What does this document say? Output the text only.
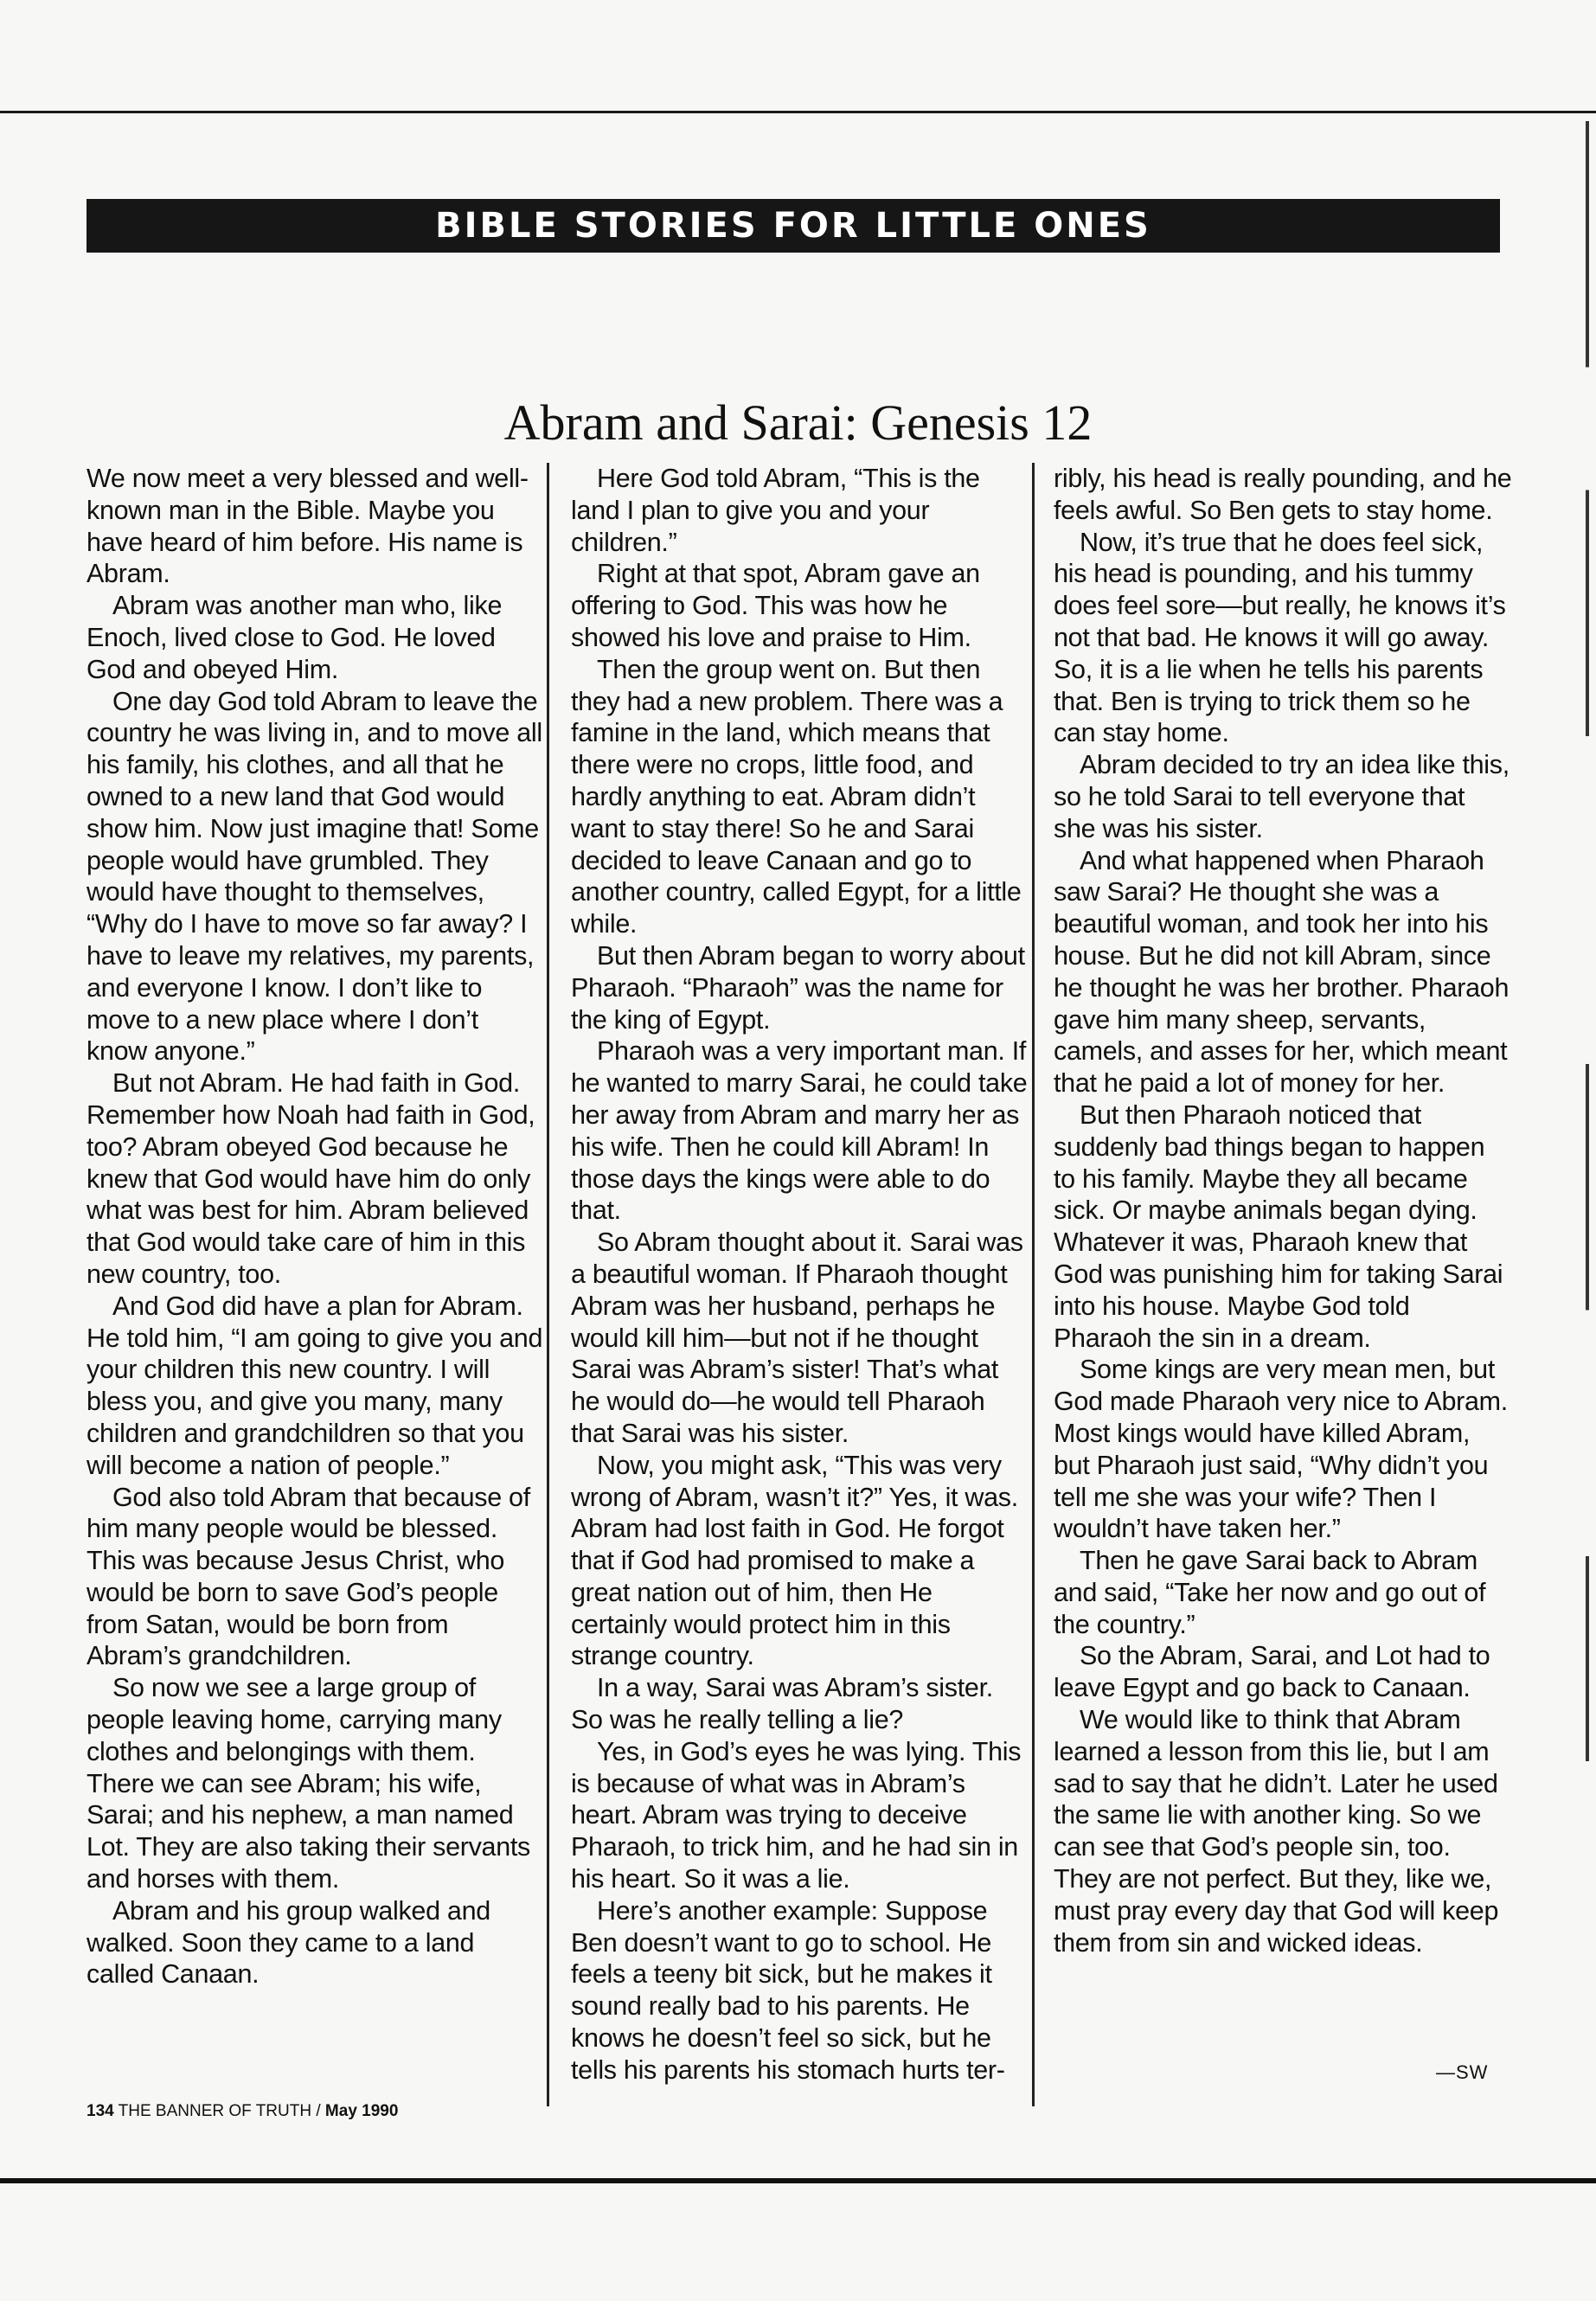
BIBLE STORIES FOR LITTLE ONES
Abram and Sarai: Genesis 12

We now meet a very blessed and well-known man in the Bible. Maybe you have heard of him before. His name is Abram.

Abram was another man who, like Enoch, lived close to God. He loved God and obeyed Him.

One day God told Abram to leave the country he was living in, and to move all his family, his clothes, and all that he owned to a new land that God would show him. Now just imagine that! Some people would have grumbled. They would have thought to themselves, “Why do I have to move so far away? I have to leave my relatives, my parents, and everyone I know. I don’t like to move to a new place where I don’t know anyone.”

But not Abram. He had faith in God. Remember how Noah had faith in God, too? Abram obeyed God because he knew that God would have him do only what was best for him. Abram believed that God would take care of him in this new country, too.

And God did have a plan for Abram. He told him, “I am going to give you and your children this new country. I will bless you, and give you many, many children and grandchildren so that you will become a nation of people.”

God also told Abram that because of him many people would be blessed. This was because Jesus Christ, who would be born to save God’s people from Satan, would be born from Abram’s grandchildren.

So now we see a large group of people leaving home, carrying many clothes and belongings with them. There we can see Abram; his wife, Sarai; and his nephew, a man named Lot. They are also taking their servants and horses with them.

Abram and his group walked and walked. Soon they came to a land called Canaan.

Here God told Abram, “This is the land I plan to give you and your children.”

Right at that spot, Abram gave an offering to God. This was how he showed his love and praise to Him.

Then the group went on. But then they had a new problem. There was a famine in the land, which means that there were no crops, little food, and hardly anything to eat. Abram didn’t want to stay there! So he and Sarai decided to leave Canaan and go to another country, called Egypt, for a little while.

But then Abram began to worry about Pharaoh. “Pharaoh” was the name for the king of Egypt.

Pharaoh was a very important man. If he wanted to marry Sarai, he could take her away from Abram and marry her as his wife. Then he could kill Abram! In those days the kings were able to do that.

So Abram thought about it. Sarai was a beautiful woman. If Pharaoh thought Abram was her husband, perhaps he would kill him—but not if he thought Sarai was Abram’s sister! That’s what he would do—he would tell Pharaoh that Sarai was his sister.

Now, you might ask, “This was very wrong of Abram, wasn’t it?” Yes, it was. Abram had lost faith in God. He forgot that if God had promised to make a great nation out of him, then He certainly would protect him in this strange country.

In a way, Sarai was Abram’s sister. So was he really telling a lie?

Yes, in God’s eyes he was lying. This is because of what was in Abram’s heart. Abram was trying to deceive Pharaoh, to trick him, and he had sin in his heart. So it was a lie.

Here’s another example: Suppose Ben doesn’t want to go to school. He feels a teeny bit sick, but he makes it sound really bad to his parents. He knows he doesn’t feel so sick, but he tells his parents his stomach hurts ter-

ribly, his head is really pounding, and he feels awful. So Ben gets to stay home.

Now, it’s true that he does feel sick, his head is pounding, and his tummy does feel sore—but really, he knows it’s not that bad. He knows it will go away. So, it is a lie when he tells his parents that. Ben is trying to trick them so he can stay home.

Abram decided to try an idea like this, so he told Sarai to tell everyone that she was his sister.

And what happened when Pharaoh saw Sarai? He thought she was a beautiful woman, and took her into his house. But he did not kill Abram, since he thought he was her brother. Pharaoh gave him many sheep, servants, camels, and asses for her, which meant that he paid a lot of money for her.

But then Pharaoh noticed that suddenly bad things began to happen to his family. Maybe they all became sick. Or maybe animals began dying. Whatever it was, Pharaoh knew that God was punishing him for taking Sarai into his house. Maybe God told Pharaoh the sin in a dream.

Some kings are very mean men, but God made Pharaoh very nice to Abram. Most kings would have killed Abram, but Pharaoh just said, “Why didn’t you tell me she was your wife? Then I wouldn’t have taken her.”

Then he gave Sarai back to Abram and said, “Take her now and go out of the country.”

So the Abram, Sarai, and Lot had to leave Egypt and go back to Canaan.

We would like to think that Abram learned a lesson from this lie, but I am sad to say that he didn’t. Later he used the same lie with another king. So we can see that God’s people sin, too. They are not perfect. But they, like we, must pray every day that God will keep them from sin and wicked ideas.

—SW
134 THE BANNER OF TRUTH / May 1990
